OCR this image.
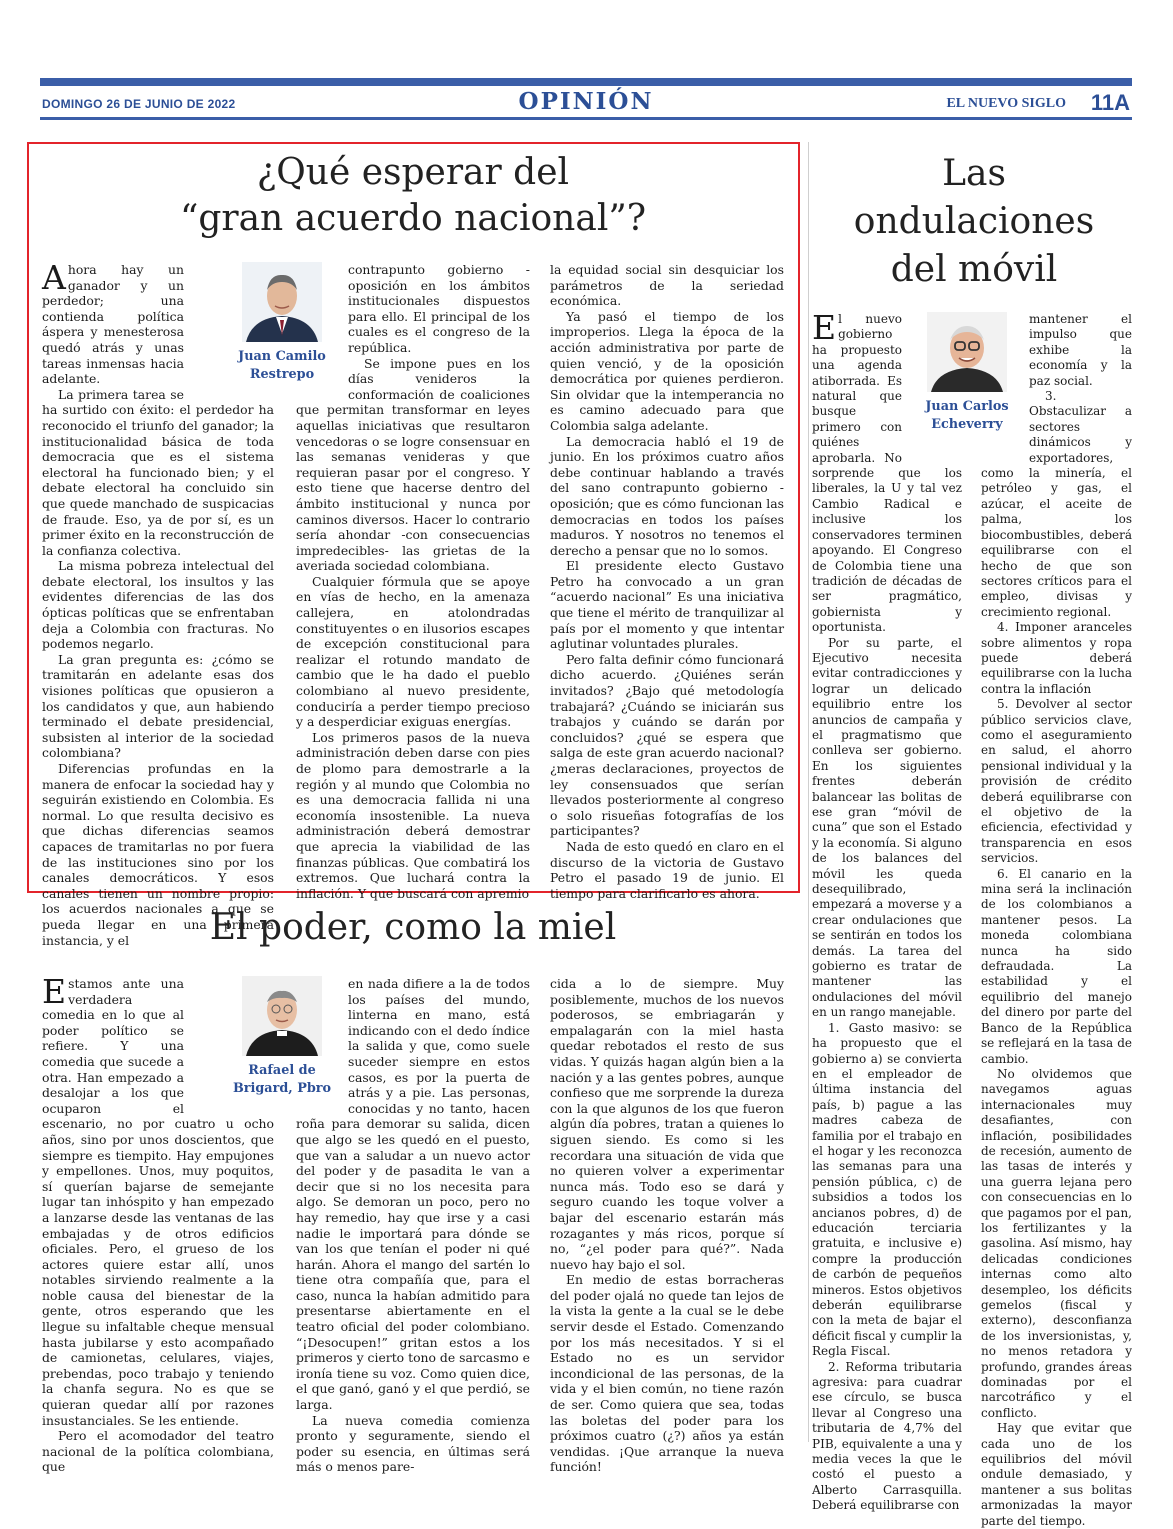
DOMINGO 26 DE JUNIO DE 2022	OPINIÓN	EL NUEVO SIGLO 11A
¿Qué esperar del
“gran acuerdo nacional”?

Ahora hay un ganador y un perdedor; una contienda política áspera y menesterosa quedó atrás y unas tareas inmensas hacia adelante.

La primera tarea se ha surtido con éxito: el perdedor ha reconocido el triunfo del ganador; la institucionalidad básica de toda democracia que es el sistema electoral ha funcionado bien; y el debate electoral ha concluido sin que quede manchado de suspicacias de fraude. Eso, ya de por sí, es un primer éxito en la reconstrucción de la confianza colectiva.

La misma pobreza intelectual del debate electoral, los insultos y las evidentes diferencias de las dos ópticas políticas que se enfrentaban deja a Colombia con fracturas. No podemos negarlo.

La gran pregunta es: ¿cómo se tramitarán en adelante esas dos visiones políticas que opusieron a los candidatos y que, aun habiendo terminado el debate presidencial, subsisten al interior de la sociedad colombiana?

Diferencias profundas en la manera de enfocar la sociedad hay y seguirán existiendo en Colombia. Es normal. Lo que resulta decisivo es que dichas diferencias seamos capaces de tramitarlas no por fuera de las instituciones sino por los canales democráticos. Y esos canales tienen un nombre propio: los acuerdos nacionales a que se pueda llegar en una primera instancia, y el

Juan Camilo Restrepo

contrapunto gobierno - oposición en los ámbitos institucionales dispuestos para ello. El principal de los cuales es el congreso de la república.

Se impone pues en los días venideros la conformación de coaliciones que permitan transformar en leyes aquellas iniciativas que resultaron vencedoras o se logre consensuar en las semanas venideras y que requieran pasar por el congreso. Y esto tiene que hacerse dentro del ámbito institucional y nunca por caminos diversos. Hacer lo contrario sería ahondar -con consecuencias impredecibles- las grietas de la averiada sociedad colombiana.

Cualquier fórmula que se apoye en vías de hecho, en la amenaza callejera, en atolondradas constituyentes o en ilusorios escapes de excepción constitucional para realizar el rotundo mandato de cambio que le ha dado el pueblo colombiano al nuevo presidente, conduciría a perder tiempo precioso y a desperdiciar exiguas energías.

Los primeros pasos de la nueva administración deben darse con pies de plomo para demostrarle a la región y al mundo que Colombia no es una democracia fallida ni una economía insostenible. La nueva administración deberá demostrar que aprecia la viabilidad de las finanzas públicas. Que combatirá los extremos. Que luchará contra la inflación. Y que buscará con apremio

la equidad social sin desquiciar los parámetros de la seriedad económica.

Ya pasó el tiempo de los improperios. Llega la época de la acción administrativa por parte de quien venció, y de la oposición democrática por quienes perdieron. Sin olvidar que la intemperancia no es camino adecuado para que Colombia salga adelante.

La democracia habló el 19 de junio. En los próximos cuatro años debe continuar hablando a través del sano contrapunto gobierno - oposición; que es cómo funcionan las democracias en todos los países maduros. Y nosotros no tenemos el derecho a pensar que no lo somos.

El presidente electo Gustavo Petro ha convocado a un gran “acuerdo nacional” Es una iniciativa que tiene el mérito de tranquilizar al país por el momento y que intentar aglutinar voluntades plurales.

Pero falta definir cómo funcionará dicho acuerdo. ¿Quiénes serán invitados? ¿Bajo qué metodología trabajará? ¿Cuándo se iniciarán sus trabajos y cuándo se darán por concluidos? ¿qué se espera que salga de este gran acuerdo nacional? ¿meras declaraciones, proyectos de ley consensuados que serían llevados posteriormente al congreso o solo risueñas fotografías de los participantes?

Nada de esto quedó en claro en el discurso de la victoria de Gustavo Petro el pasado 19 de junio. El tiempo para clarificarlo es ahora.

El poder, como la miel

Estamos ante una verdadera comedia en lo que al poder político se refiere. Y una comedia que sucede a otra. Han empezado a desalojar a los que ocuparon el escenario, no por cuatro u ocho años, sino por unos doscientos, que siempre es tiempito. Hay empujones y empellones. Unos, muy poquitos, sí querían bajarse de semejante lugar tan inhóspito y han empezado a lanzarse desde las ventanas de las embajadas y de otros edificios oficiales. Pero, el grueso de los actores quiere estar allí, unos notables sirviendo realmente a la noble causa del bienestar de la gente, otros esperando que les llegue su infaltable cheque mensual hasta jubilarse y esto acompañado de camionetas, celulares, viajes, prebendas, poco trabajo y teniendo la chanfa segura. No es que se quieran quedar allí por razones insustanciales. Se les entiende.

Pero el acomodador del teatro nacional de la política colombiana, que

Rafael de Brigard, Pbro

en nada difiere a la de todos los países del mundo, linterna en mano, está indicando con el dedo índice la salida y que, como suele suceder siempre en estos casos, es por la puerta de atrás y a pie. Las personas, conocidas y no tanto, hacen roña para demorar su salida, dicen que algo se les quedó en el puesto, que van a saludar a un nuevo actor del poder y de pasadita le van a decir que si no los necesita para algo. Se demoran un poco, pero no hay remedio, hay que irse y a casi nadie le importará para dónde se van los que tenían el poder ni qué harán. Ahora el mango del sartén lo tiene otra compañía que, para el caso, nunca la habían admitido para presentarse abiertamente en el teatro oficial del poder colombiano. “¡Desocupen!” gritan estos a los primeros y cierto tono de sarcasmo e ironía tiene su voz. Como quien dice, el que ganó, ganó y el que perdió, se larga.

La nueva comedia comienza pronto y seguramente, siendo el poder su esencia, en últimas será más o menos pare-

cida a lo de siempre. Muy posiblemente, muchos de los nuevos poderosos, se embriagarán y empalagarán con la miel hasta quedar rebotados el resto de sus vidas. Y quizás hagan algún bien a la nación y a las gentes pobres, aunque confieso que me sorprende la dureza con la que algunos de los que fueron algún día pobres, tratan a quienes lo siguen siendo. Es como si les recordara una situación de vida que no quieren volver a experimentar nunca más. Todo eso se dará y seguro cuando les toque volver a bajar del escenario estarán más rozagantes y más ricos, porque sí no, “¿el poder para qué?”. Nada nuevo hay bajo el sol.

En medio de estas borracheras del poder ojalá no quede tan lejos de la vista la gente a la cual se le debe servir desde el Estado. Comenzando por los más necesitados. Y si el Estado no es un servidor incondicional de las personas, de la vida y el bien común, no tiene razón de ser. Como quiera que sea, todas las boletas del poder para los próximos cuatro (¿?) años ya están vendidas. ¡Que arranque la nueva función!

Las
ondulaciones
del móvil

El nuevo gobierno ha propuesto una agenda atiborrada. Es natural que busque primero con quiénes aprobarla. No sorprende que los liberales, la U y tal vez Cambio Radical e inclusive los conservadores terminen apoyando. El Congreso de Colombia tiene una tradición de décadas de ser pragmático, gobiernista y oportunista.

Por su parte, el Ejecutivo necesita evitar contradicciones y lograr un delicado equilibrio entre los anuncios de campaña y el pragmatismo que conlleva ser gobierno. En los siguientes frentes deberán balancear las bolitas de ese gran “móvil de cuna” que son el Estado y la economía. Si alguno de los balances del móvil les queda desequilibrado, empezará a moverse y a crear ondulaciones que se sentirán en todos los demás. La tarea del gobierno es tratar de mantener las ondulaciones del móvil en un rango manejable.

1. Gasto masivo: se ha propuesto que el gobierno a) se convierta en el empleador de última instancia del país, b) pague a las madres cabeza de familia por el trabajo en el hogar y les reconozca las semanas para una pensión pública, c) de subsidios a todos los ancianos pobres, d) de educación terciaria gratuita, e inclusive e) compre la producción de carbón de pequeños mineros. Estos objetivos deberán equilibrarse con la meta de bajar el déficit fiscal y cumplir la Regla Fiscal.

2. Reforma tributaria agresiva: para cuadrar ese círculo, se busca llevar al Congreso una tributaria de 4,7% del PIB, equivalente a una y media veces la que le costó el puesto a Alberto Carrasquilla. Deberá equilibrarse con

Juan Carlos Echeverry

mantener el impulso que exhibe la economía y la paz social.

3. Obstaculizar a sectores dinámicos y exportadores, como la minería, el petróleo y gas, el azúcar, el aceite de palma, los biocombustibles, deberá equilibrarse con el hecho de que son sectores críticos para el empleo, divisas y crecimiento regional.

4. Imponer aranceles sobre alimentos y ropa puede deberá equilibrarse con la lucha contra la inflación

5. Devolver al sector público servicios clave, como el aseguramiento en salud, el ahorro pensional individual y la provisión de crédito deberá equilibrarse con el objetivo de la eficiencia, efectividad y transparencia en esos servicios.

6. El canario en la mina será la inclinación de los colombianos a mantener pesos. La moneda colombiana nunca ha sido defraudada. La estabilidad y el equilibrio del manejo del dinero por parte del Banco de la República se reflejará en la tasa de cambio.

No olvidemos que navegamos aguas internacionales muy desafiantes, con inflación, posibilidades de recesión, aumento de las tasas de interés y una guerra lejana pero con consecuencias en lo que pagamos por el pan, los fertilizantes y la gasolina. Así mismo, hay delicadas condiciones internas como alto desempleo, los déficits gemelos (fiscal y externo), desconfianza de los inversionistas, y, no menos retadora y profundo, grandes áreas dominadas por el narcotráfico y el conflicto.

Hay que evitar que cada uno de los equilibrios del móvil ondule demasiado, y mantener a sus bolitas armonizadas la mayor parte del tiempo.
